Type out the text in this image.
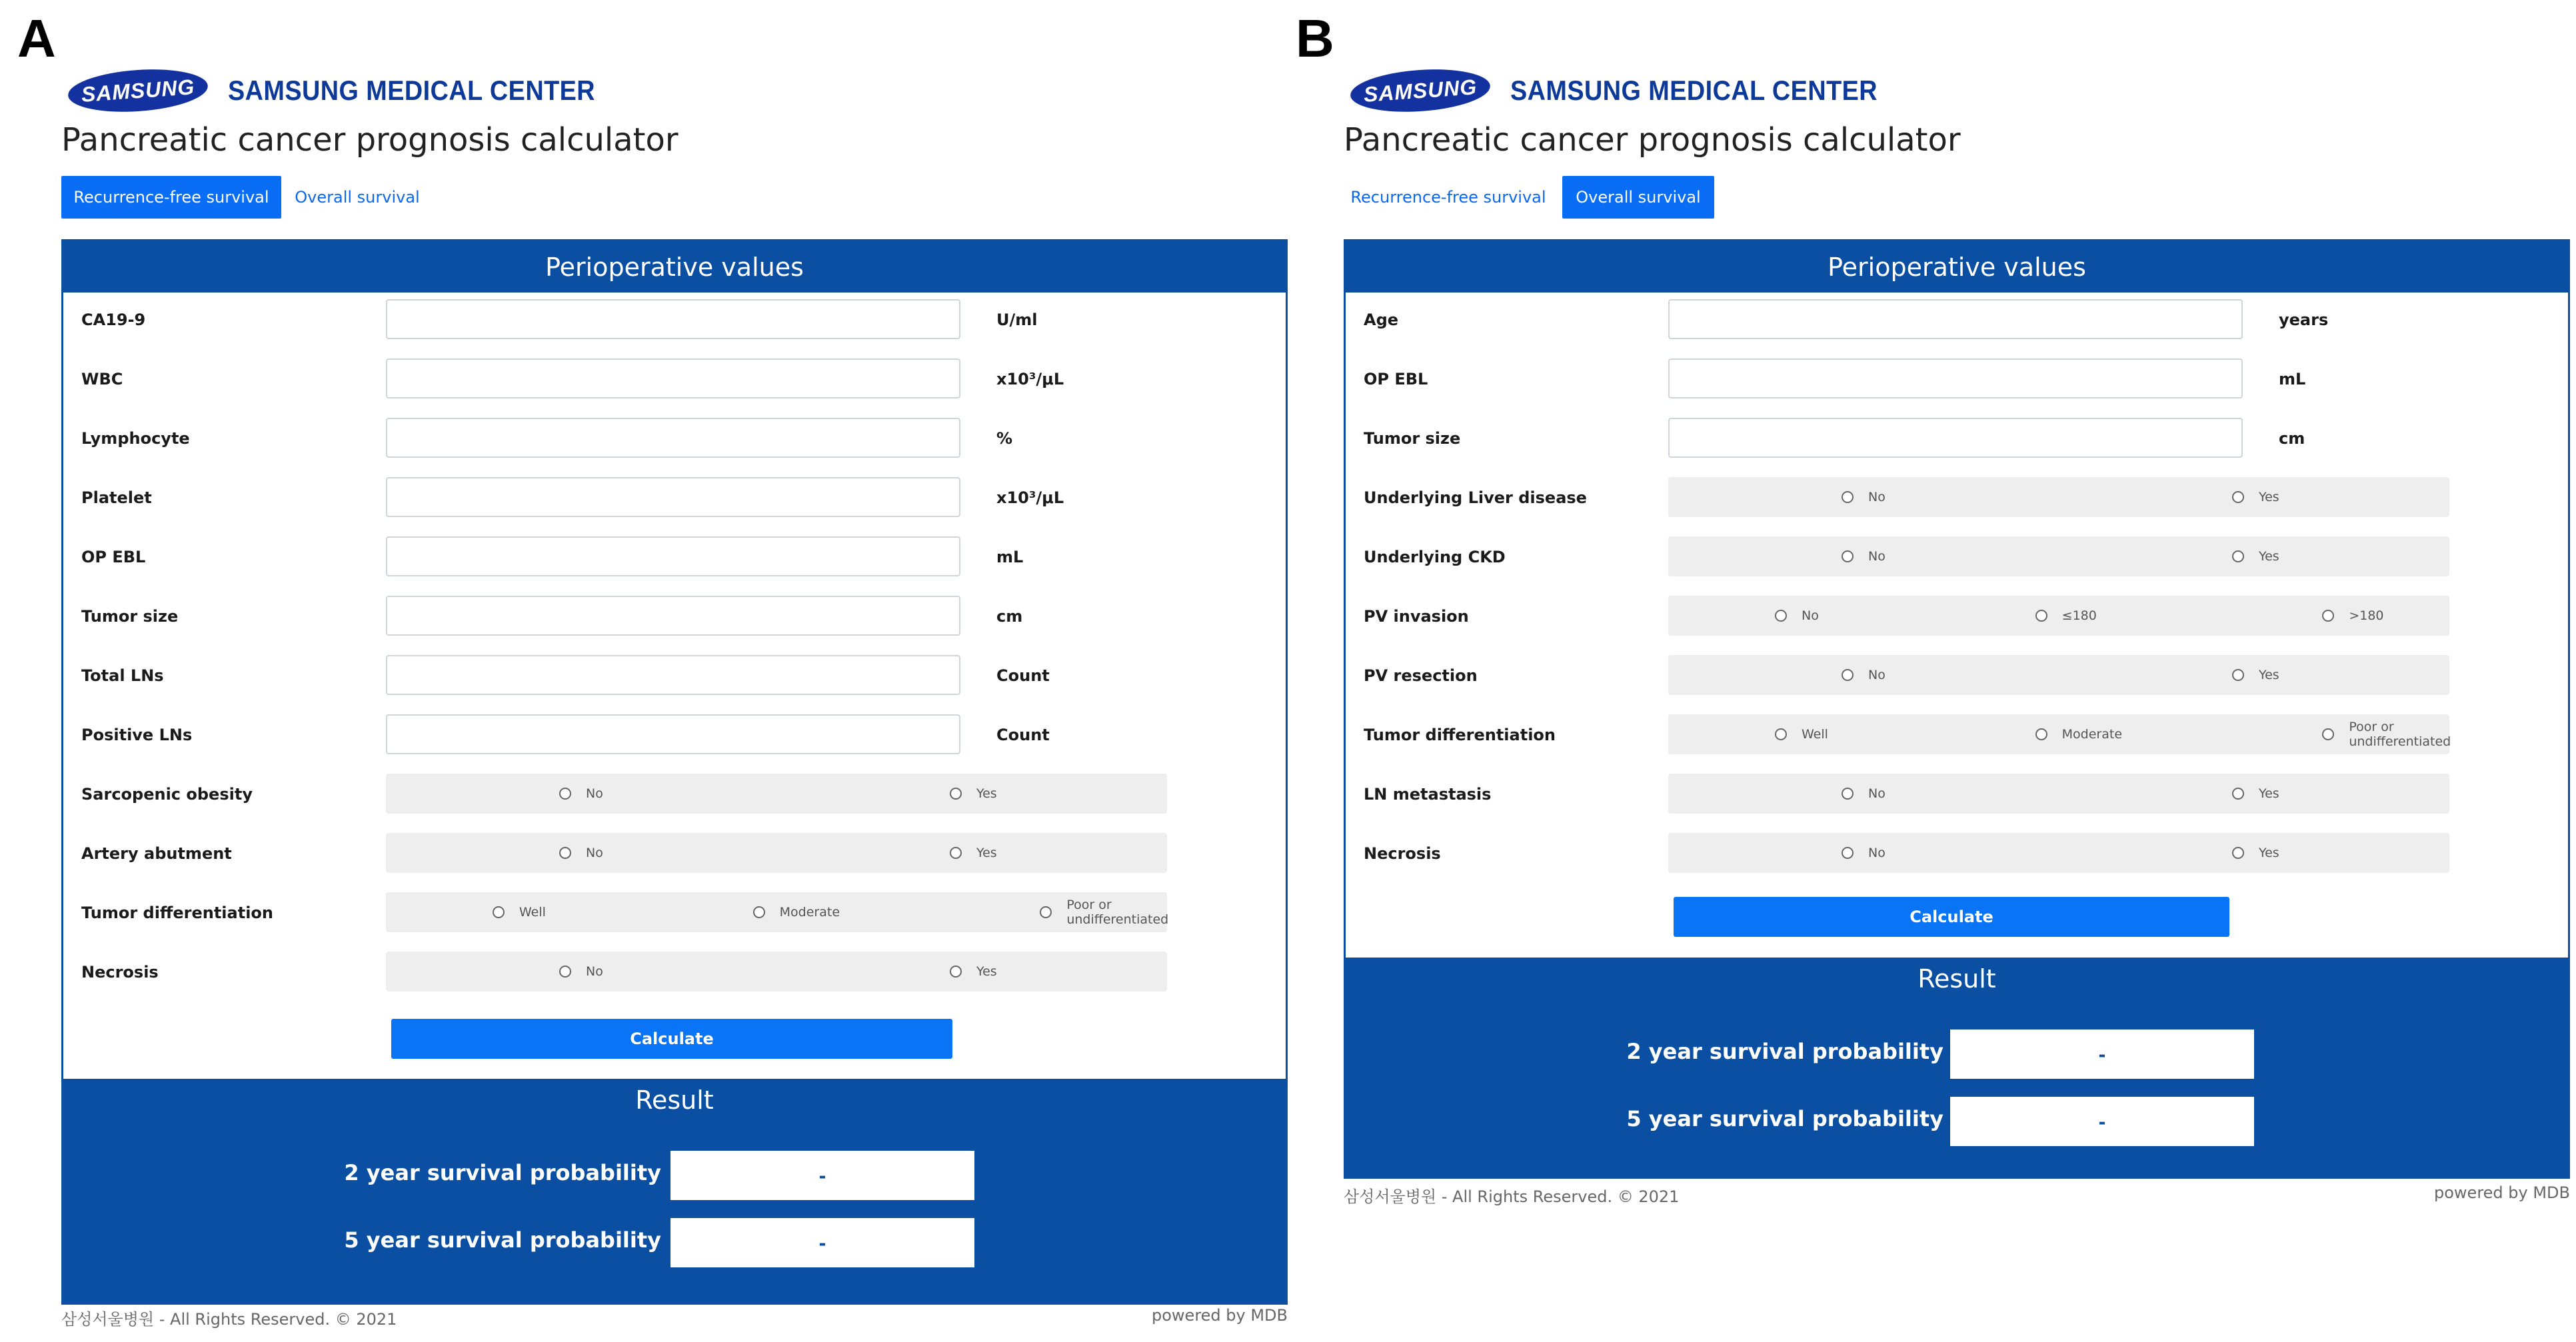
A	B
SAMSUNG SAMSUNG MEDICAL CENTER
Pancreatic cancer prognosis calculator
Recurrence-free survival	Overall survival
Perioperative values
Calculate
CA19-9	U/ml
WBC	x10³/μL
Lymphocyte	%
Platelet	x10³/μL
OP EBL	mL
Tumor size	cm
Total LNs	Count
Positive LNs	Count
Sarcopenic obesity	No	Yes
Artery abutment	No	Yes
Tumor differentiation	Well	Moderate	Poor or undifferentiated
Necrosis	No	Yes
Result
2 year survival probability	-
5 year survival probability	-
삼성서울병원 - All Rights Reserved. © 2021	powered by MDB
SAMSUNG SAMSUNG MEDICAL CENTER
Pancreatic cancer prognosis calculator
Recurrence-free survival	Overall survival
Perioperative values
Calculate
Age	years
OP EBL	mL
Tumor size	cm
Underlying Liver disease	No	Yes
Underlying CKD	No	Yes
PV invasion	No	≤180	>180
PV resection	No	Yes
Tumor differentiation	Well	Moderate	Poor or undifferentiated
LN metastasis	No	Yes
Necrosis	No	Yes
Result
2 year survival probability	-
5 year survival probability	-
삼성서울병원 - All Rights Reserved. © 2021	powered by MDB
